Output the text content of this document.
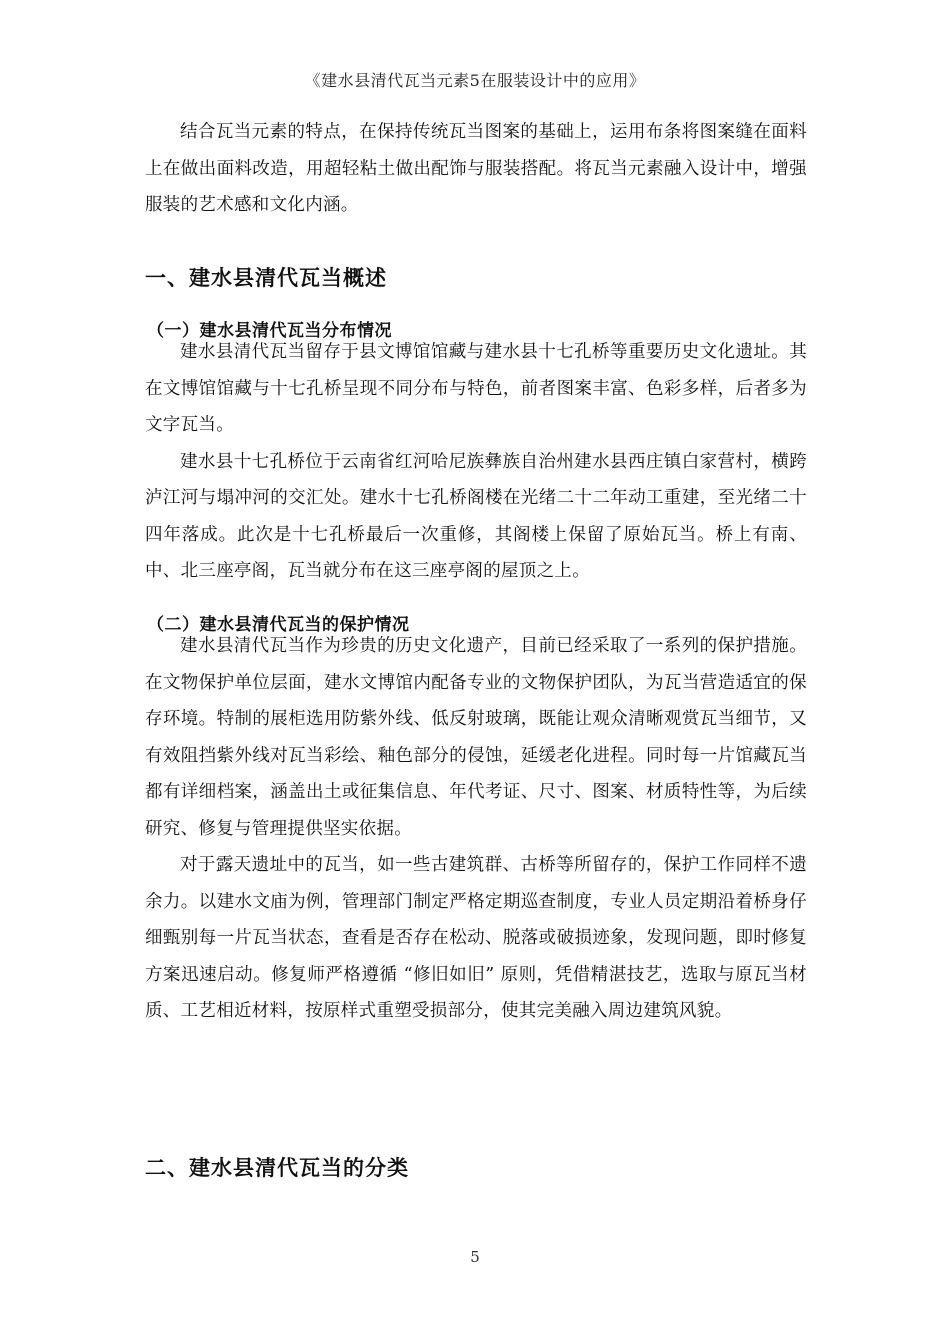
《建水县清代瓦当元素5在服装设计中的应用》

结合瓦当元素的特点，在保持传统瓦当图案的基础上，运用布条将图案缝在面料上在做出面料改造，用超轻粘土做出配饰与服装搭配。将瓦当元素融入设计中，增强服装的艺术感和文化内涵。

一、建水县清代瓦当概述
（一）建水县清代瓦当分布情况

建水县清代瓦当留存于县文博馆馆藏与建水县十七孔桥等重要历史文化遗址。其在文博馆馆藏与十七孔桥呈现不同分布与特色，前者图案丰富、色彩多样，后者多为文字瓦当。

建水县十七孔桥位于云南省红河哈尼族彝族自治州建水县西庄镇白家营村，横跨泸江河与塌冲河的交汇处。建水十七孔桥阁楼在光绪二十二年动工重建，至光绪二十四年落成。此次是十七孔桥最后一次重修，其阁楼上保留了原始瓦当。桥上有南、中、北三座亭阁，瓦当就分布在这三座亭阁的屋顶之上。

（二）建水县清代瓦当的保护情况

建水县清代瓦当作为珍贵的历史文化遗产，目前已经采取了一系列的保护措施。在文物保护单位层面，建水文博馆内配备专业的文物保护团队，为瓦当营造适宜的保存环境。特制的展柜选用防紫外线、低反射玻璃，既能让观众清晰观赏瓦当细节，又有效阻挡紫外线对瓦当彩绘、釉色部分的侵蚀，延缓老化进程。同时每一片馆藏瓦当都有详细档案，涵盖出土或征集信息、年代考证、尺寸、图案、材质特性等，为后续研究、修复与管理提供坚实依据。

对于露天遗址中的瓦当，如一些古建筑群、古桥等所留存的，保护工作同样不遗余力。以建水文庙为例，管理部门制定严格定期巡查制度，专业人员定期沿着桥身仔细甄别每一片瓦当状态，查看是否存在松动、脱落或破损迹象，发现问题，即时修复方案迅速启动。修复师严格遵循 “修旧如旧” 原则，凭借精湛技艺，选取与原瓦当材质、工艺相近材料，按原样式重塑受损部分，使其完美融入周边建筑风貌。

二、建水县清代瓦当的分类
5
